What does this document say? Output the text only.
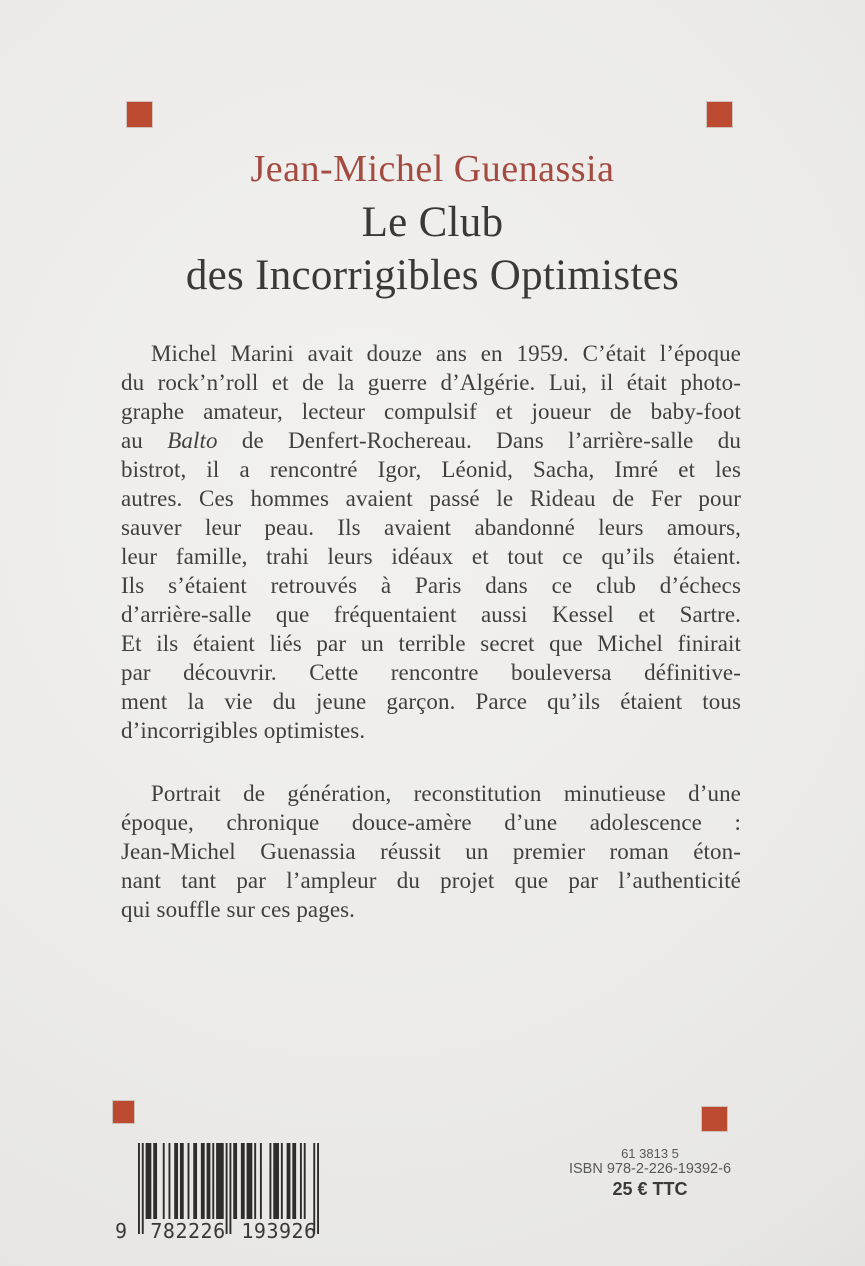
Jean-Michel Guenassia
Le Club
des Incorrigibles Optimistes
Michel Marini avait douze ans en 1959. C’était l’époque
du rock’n’roll et de la guerre d’Algérie. Lui, il était photo-
graphe amateur, lecteur compulsif et joueur de baby-foot
au Balto de Denfert-Rochereau. Dans l’arrière-salle du
bistrot, il a rencontré Igor, Léonid, Sacha, Imré et les
autres. Ces hommes avaient passé le Rideau de Fer pour
sauver leur peau. Ils avaient abandonné leurs amours,
leur famille, trahi leurs idéaux et tout ce qu’ils étaient.
Ils s’étaient retrouvés à Paris dans ce club d’échecs
d’arrière-salle que fréquentaient aussi Kessel et Sartre.
Et ils étaient liés par un terrible secret que Michel finirait
par découvrir. Cette rencontre bouleversa définitive-
ment la vie du jeune garçon. Parce qu’ils étaient tous
d’incorrigibles optimistes.
Portrait de génération, reconstitution minutieuse d’une
époque, chronique douce-amère d’une adolescence :
Jean-Michel Guenassia réussit un premier roman éton-
nant tant par l’ampleur du projet que par l’authenticité
qui souffle sur ces pages.
61 3813 5
ISBN 978-2-226-19392-6
25 € TTC
9 782226 193926
